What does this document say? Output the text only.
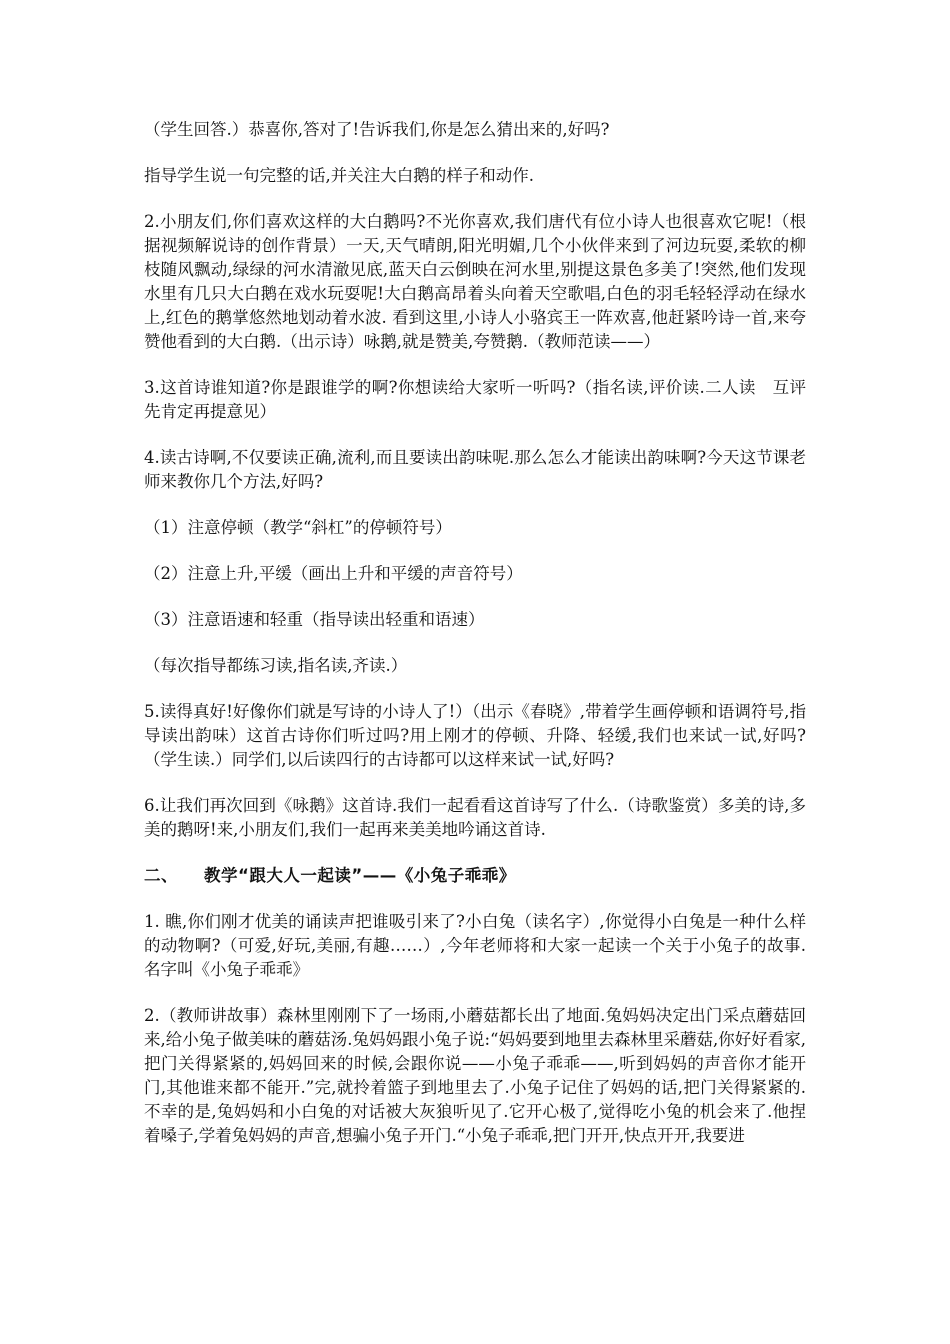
（学生回答.）恭喜你,答对了!告诉我们,你是怎么猜出来的,好吗?

指导学生说一句完整的话,并关注大白鹅的样子和动作.

2.小朋友们,你们喜欢这样的大白鹅吗?不光你喜欢,我们唐代有位小诗人也很喜欢它呢!（根据视频解说诗的创作背景）一天,天气晴朗,阳光明媚,几个小伙伴来到了河边玩耍,柔软的柳枝随风飘动,绿绿的河水清澈见底,蓝天白云倒映在河水里,别提这景色多美了!突然,他们发现水里有几只大白鹅在戏水玩耍呢!大白鹅高昂着头向着天空歌唱,白色的羽毛轻轻浮动在绿水上,红色的鹅掌悠然地划动着水波. 看到这里,小诗人小骆宾王一阵欢喜,他赶紧吟诗一首,来夸赞他看到的大白鹅.（出示诗）咏鹅,就是赞美,夸赞鹅.（教师范读——）

3.这首诗谁知道?你是跟谁学的啊?你想读给大家听一听吗?（指名读,评价读.二人读　互评　先肯定再提意见）

4.读古诗啊,不仅要读正确,流利,而且要读出韵味呢.那么怎么才能读出韵味啊?今天这节课老师来教你几个方法,好吗?

（1）注意停顿（教学“斜杠”的停顿符号）

（2）注意上升,平缓（画出上升和平缓的声音符号）

（3）注意语速和轻重（指导读出轻重和语速）

（每次指导都练习读,指名读,齐读.）

5.读得真好!好像你们就是写诗的小诗人了!）（出示《春晓》,带着学生画停顿和语调符号,指导读出韵味）这首古诗你们听过吗?用上刚才的停顿、升降、轻缓,我们也来试一试,好吗?（学生读.）同学们,以后读四行的古诗都可以这样来试一试,好吗?

6.让我们再次回到《咏鹅》这首诗.我们一起看看这首诗写了什么.（诗歌鉴赏）多美的诗,多美的鹅呀!来,小朋友们,我们一起再来美美地吟诵这首诗.

二、 教学“跟大人一起读”——《小兔子乖乖》

1. 瞧,你们刚才优美的诵读声把谁吸引来了?小白兔（读名字）,你觉得小白兔是一种什么样的动物啊?（可爱,好玩,美丽,有趣……）,今年老师将和大家一起读一个关于小兔子的故事.名字叫《小兔子乖乖》

2.（教师讲故事）森林里刚刚下了一场雨,小蘑菇都长出了地面.兔妈妈决定出门采点蘑菇回来,给小兔子做美味的蘑菇汤.兔妈妈跟小兔子说:“妈妈要到地里去森林里采蘑菇,你好好看家,把门关得紧紧的,妈妈回来的时候,会跟你说——小兔子乖乖——,听到妈妈的声音你才能开门,其他谁来都不能开.”完,就拎着篮子到地里去了.小兔子记住了妈妈的话,把门关得紧紧的. 不幸的是,兔妈妈和小白兔的对话被大灰狼听见了.它开心极了,觉得吃小兔的机会来了.他捏着嗓子,学着兔妈妈的声音,想骗小兔子开门.“小兔子乖乖,把门开开,快点开开,我要进
